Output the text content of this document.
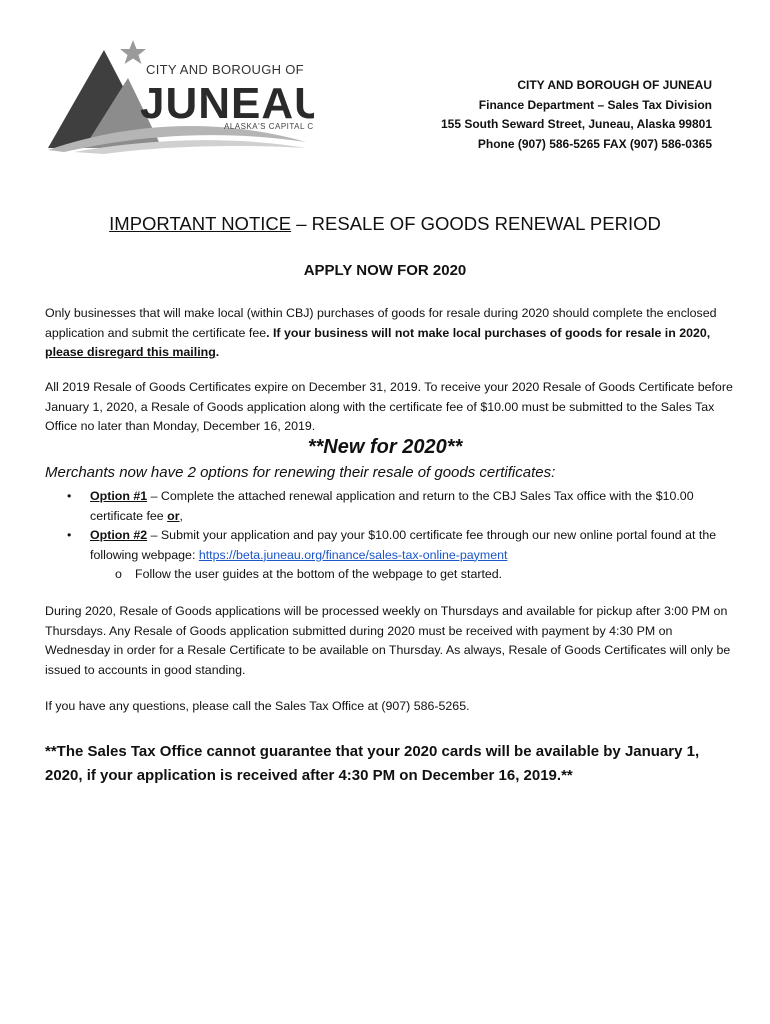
CITY AND BOROUGH OF
JUNEAU
ALASKA'S CAPITAL C
CITY AND BOROUGH OF JUNEAU
Finance Department – Sales Tax Division
155 South Seward Street, Juneau, Alaska 99801
Phone (907) 586-5265 FAX (907) 586-0365
IMPORTANT NOTICE – RESALE OF GOODS RENEWAL PERIOD
APPLY NOW FOR 2020
Only businesses that will make local (within CBJ) purchases of goods for resale during 2020 should complete the enclosed application and submit the certificate fee. If your business will not make local purchases of goods for resale in 2020, please disregard this mailing.
All 2019 Resale of Goods Certificates expire on December 31, 2019. To receive your 2020 Resale of Goods Certificate before January 1, 2020, a Resale of Goods application along with the certificate fee of $10.00 must be submitted to the Sales Tax Office no later than Monday, December 16, 2019.
**New for 2020**
Merchants now have 2 options for renewing their resale of goods certificates:
• Option #1 – Complete the attached renewal application and return to the CBJ Sales Tax office with the $10.00 certificate fee or,
• Option #2 – Submit your application and pay your $10.00 certificate fee through our new online portal found at the following webpage: https://beta.juneau.org/finance/sales-tax-online-payment
o Follow the user guides at the bottom of the webpage to get started.
During 2020, Resale of Goods applications will be processed weekly on Thursdays and available for pickup after 3:00 PM on Thursdays. Any Resale of Goods application submitted during 2020 must be received with payment by 4:30 PM on Wednesday in order for a Resale Certificate to be available on Thursday. As always, Resale of Goods Certificates will only be issued to accounts in good standing.
If you have any questions, please call the Sales Tax Office at (907) 586-5265.
**The Sales Tax Office cannot guarantee that your 2020 cards will be available by January 1, 2020, if your application is received after 4:30 PM on December 16, 2019.**
